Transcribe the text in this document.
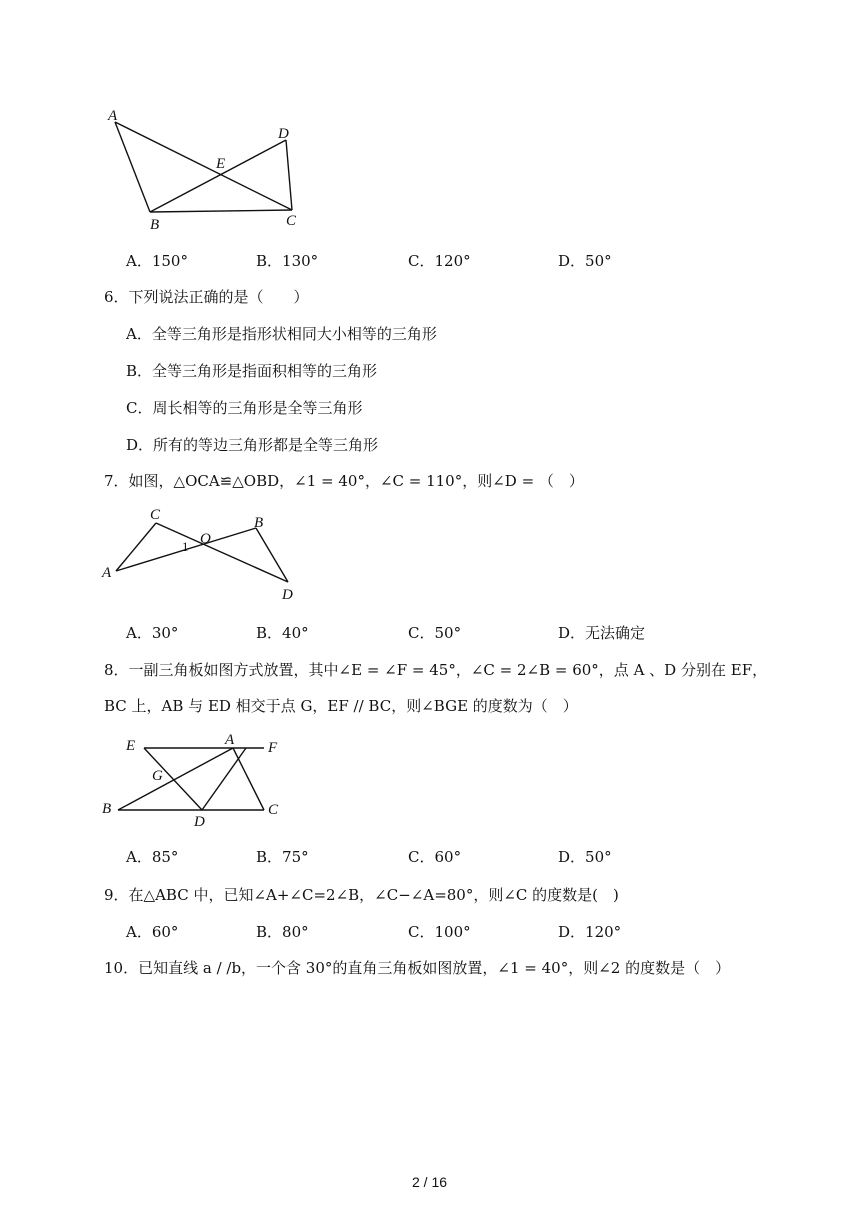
A
D
E
B	C
A．150°	B．130°	C．120°	D．50°
6．下列说法正确的是（　　）
A．全等三角形是指形状相同大小相等的三角形
B．全等三角形是指面积相等的三角形
C．周长相等的三角形是全等三角形
D．所有的等边三角形都是全等三角形
7．如图，△OCA≌△OBD，∠1 = 40°，∠C = 110°，则∠D = （　）
C	B
O
1
A
D
A．30°	B．40°	C．50°	D．无法确定
8．一副三角板如图方式放置，其中∠E = ∠F = 45°，∠C = 2∠B = 60°，点 A 、D 分别在 EF，
BC 上，AB 与 ED 相交于点 G，EF // BC，则∠BGE 的度数为（　）
E	A F
G
B
D
C
A．85°	B．75°	C．60°	D．50°
9．在△ABC 中，已知∠A+∠C=2∠B，∠C−∠A=80°，则∠C 的度数是(　)
A．60°	B．80°	C．100°	D．120°
10．已知直线 a / /b，一个含 30°的直角三角板如图放置，∠1 = 40°，则∠2 的度数是（　）
2 / 16
